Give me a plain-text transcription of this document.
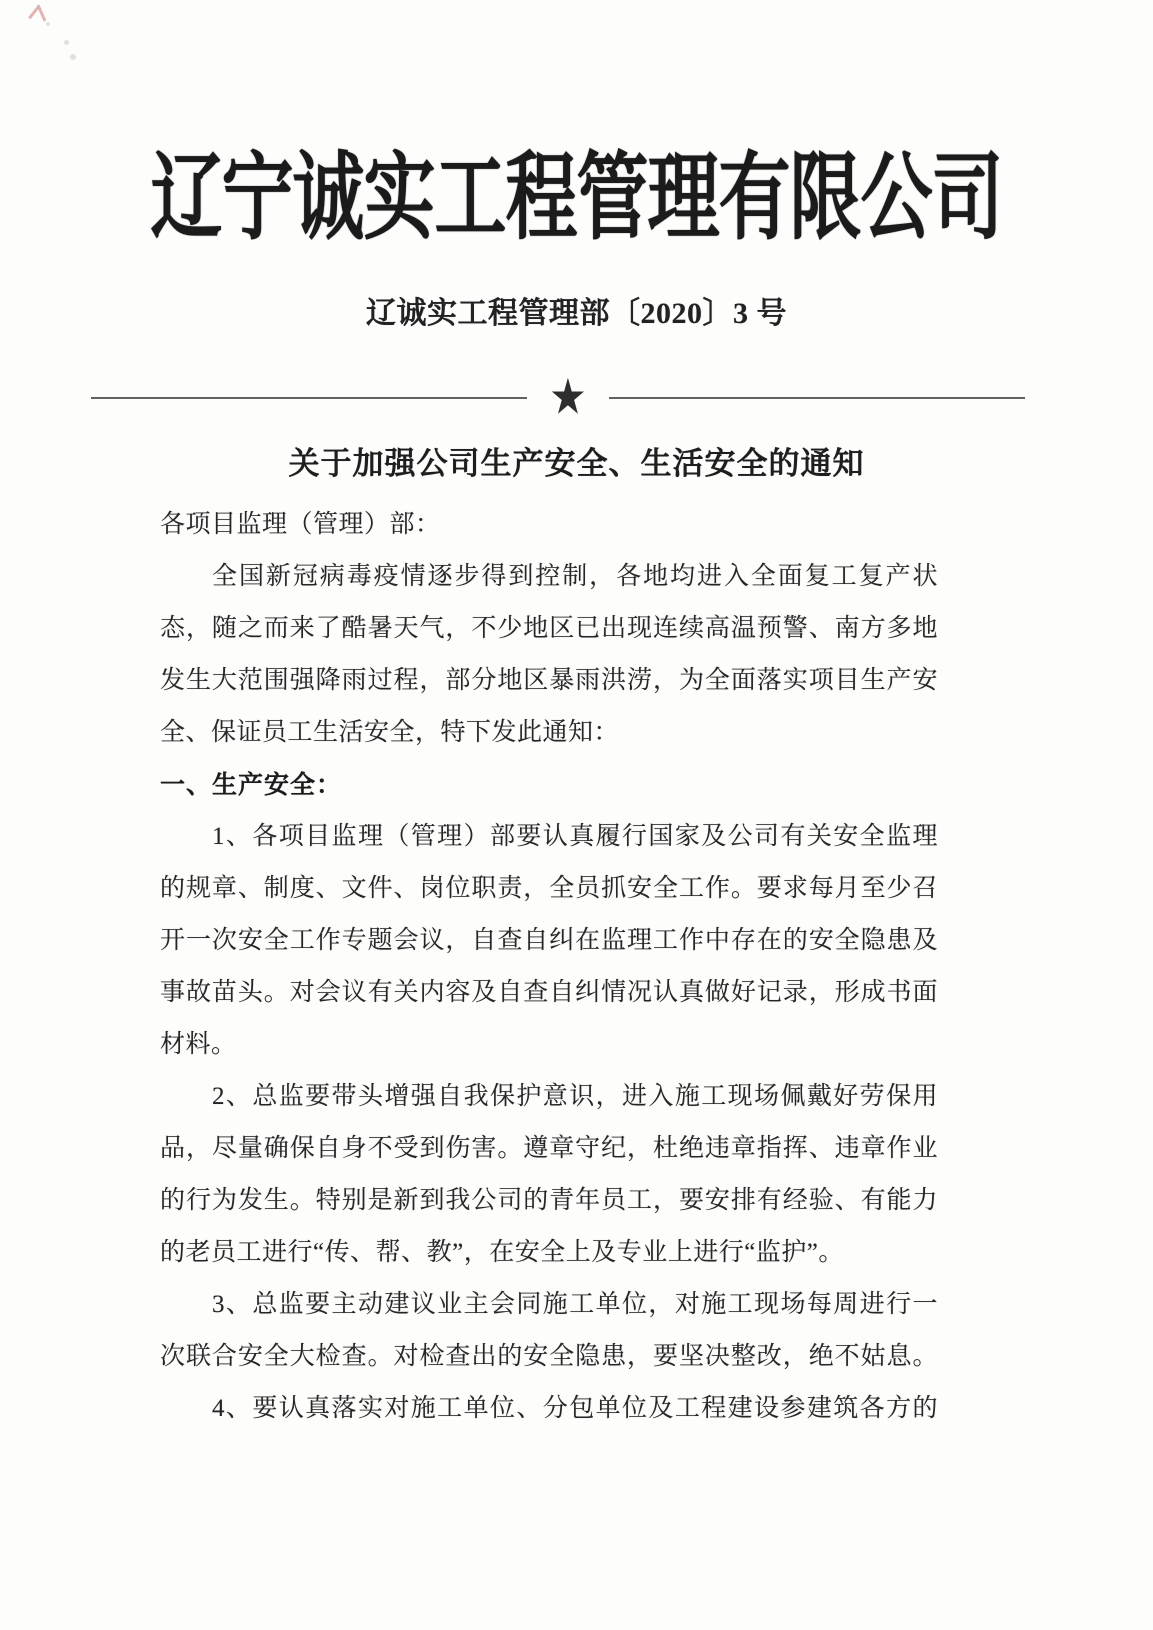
辽宁诚实工程管理有限公司
辽诚实工程管理部〔2020〕3 号
★
关于加强公司生产安全、生活安全的通知
各项目监理（管理）部：
全国新冠病毒疫情逐步得到控制，各地均进入全面复工复产状
态，随之而来了酷暑天气，不少地区已出现连续高温预警、南方多地
发生大范围强降雨过程，部分地区暴雨洪涝，为全面落实项目生产安
全、保证员工生活安全，特下发此通知：
一、生产安全：
1、各项目监理（管理）部要认真履行国家及公司有关安全监理
的规章、制度、文件、岗位职责，全员抓安全工作。要求每月至少召
开一次安全工作专题会议，自查自纠在监理工作中存在的安全隐患及
事故苗头。对会议有关内容及自查自纠情况认真做好记录，形成书面
材料。
2、总监要带头增强自我保护意识，进入施工现场佩戴好劳保用
品，尽量确保自身不受到伤害。遵章守纪，杜绝违章指挥、违章作业
的行为发生。特别是新到我公司的青年员工，要安排有经验、有能力
的老员工进行“传、帮、教”，在安全上及专业上进行“监护”。
3、总监要主动建议业主会同施工单位，对施工现场每周进行一
次联合安全大检查。对检查出的安全隐患，要坚决整改，绝不姑息。
4、要认真落实对施工单位、分包单位及工程建设参建筑各方的
